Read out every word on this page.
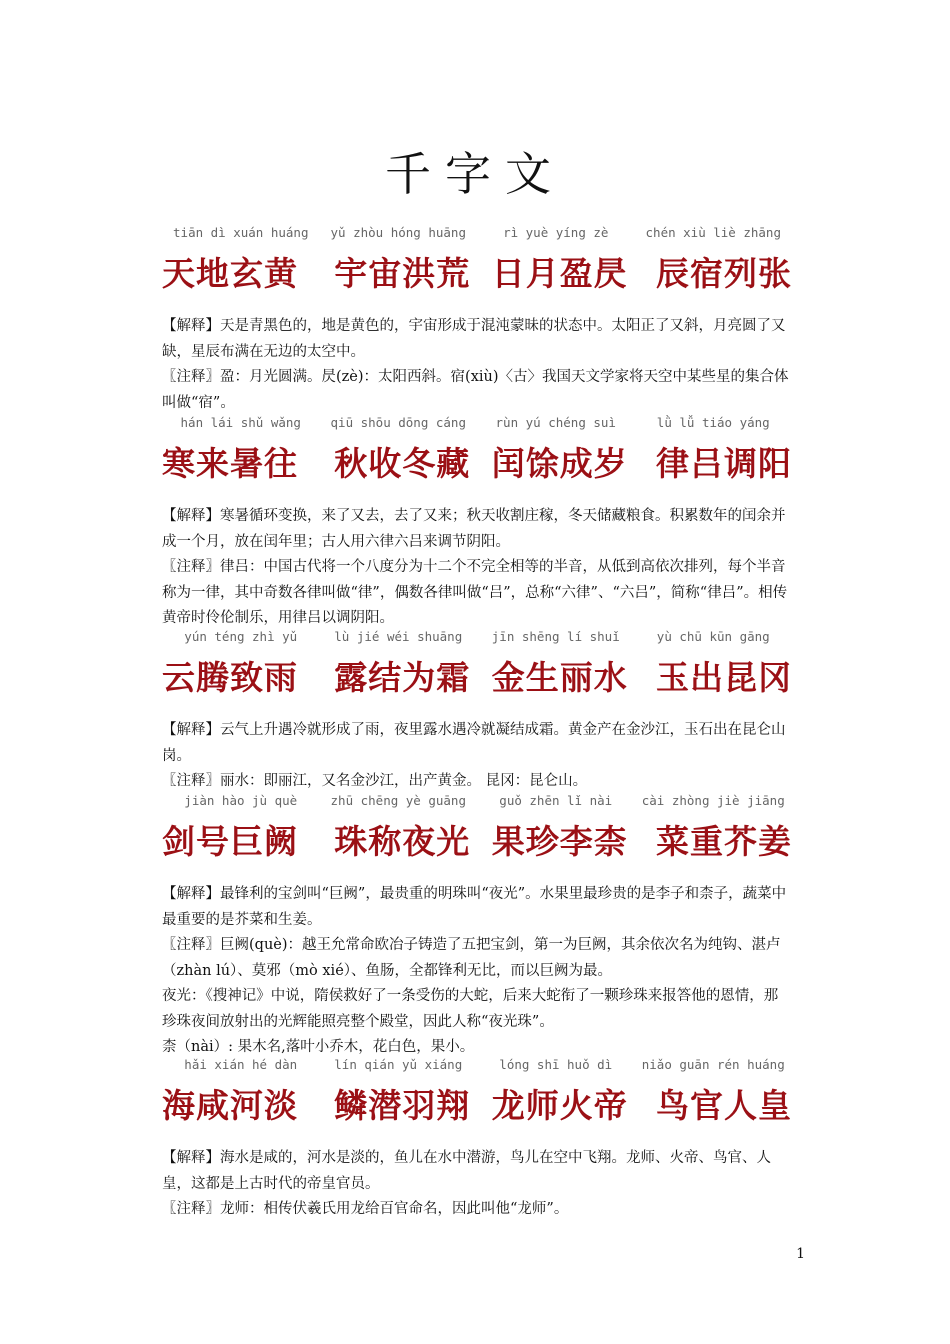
千字文
tiān dì xuán huáng	yǔ zhòu hóng huāng	rì yuè yíng zè	chén xiù liè zhāng
天地玄黄	宇宙洪荒 日月盈昃 辰宿列张

【解释】天是青黑色的，地是黄色的，宇宙形成于混沌蒙昧的状态中。太阳正了又斜，月亮圆了又缺，星辰布满在无边的太空中。

〖注释〗盈：月光圆满。昃(zè)：太阳西斜。宿(xiù)〈古〉我国天文学家将天空中某些星的集合体叫做“宿”。

hán lái shǔ wǎng	qiū shōu dōng cáng	rùn yú chéng suì	lǜ lǚ tiáo yáng
寒来暑往	秋收冬藏 闰馀成岁 律吕调阳

【解释】寒暑循环变换，来了又去，去了又来；秋天收割庄稼，冬天储藏粮食。积累数年的闰余并成一个月，放在闰年里；古人用六律六吕来调节阴阳。

〖注释〗律吕：中国古代将一个八度分为十二个不完全相等的半音，从低到高依次排列，每个半音称为一律，其中奇数各律叫做“律”，偶数各律叫做“吕”，总称“六律”、“六吕”，简称“律吕”。相传黄帝时伶伦制乐，用律吕以调阴阳。

yún téng zhì yǔ	lù jié wéi shuāng	jīn shēng lí shuǐ	yù chū kūn gāng
云腾致雨	露结为霜 金生丽水 玉出昆冈

【解释】云气上升遇冷就形成了雨，夜里露水遇冷就凝结成霜。黄金产在金沙江，玉石出在昆仑山岗。

〖注释〗丽水：即丽江，又名金沙江，出产黄金。 昆冈：昆仑山。

jiàn hào jù què	zhū chēng yè guāng	guǒ zhēn lǐ nài	cài zhòng jiè jiāng
剑号巨阙	珠称夜光 果珍李柰 菜重芥姜

【解释】最锋利的宝剑叫“巨阙”，最贵重的明珠叫“夜光”。水果里最珍贵的是李子和柰子，蔬菜中最重要的是芥菜和生姜。

〖注释〗巨阙(què)：越王允常命欧冶子铸造了五把宝剑，第一为巨阙，其余依次名为纯钩、湛卢（zhàn lú）、莫邪（mò xié）、鱼肠，全都锋利无比，而以巨阙为最。

夜光：《搜神记》中说，隋侯救好了一条受伤的大蛇，后来大蛇衔了一颗珍珠来报答他的恩情，那珍珠夜间放射出的光辉能照亮整个殿堂，因此人称“夜光珠”。

柰（nài）: 果木名,落叶小乔木，花白色，果小。

hǎi xián hé dàn	lín qián yǔ xiáng	lóng shī huǒ dì	niǎo guān rén huáng
海咸河淡	鳞潜羽翔 龙师火帝 鸟官人皇

【解释】海水是咸的，河水是淡的，鱼儿在水中潜游，鸟儿在空中飞翔。龙师、火帝、鸟官、人皇，这都是上古时代的帝皇官员。

〖注释〗龙师：相传伏羲氏用龙给百官命名，因此叫他“龙师”。

1
